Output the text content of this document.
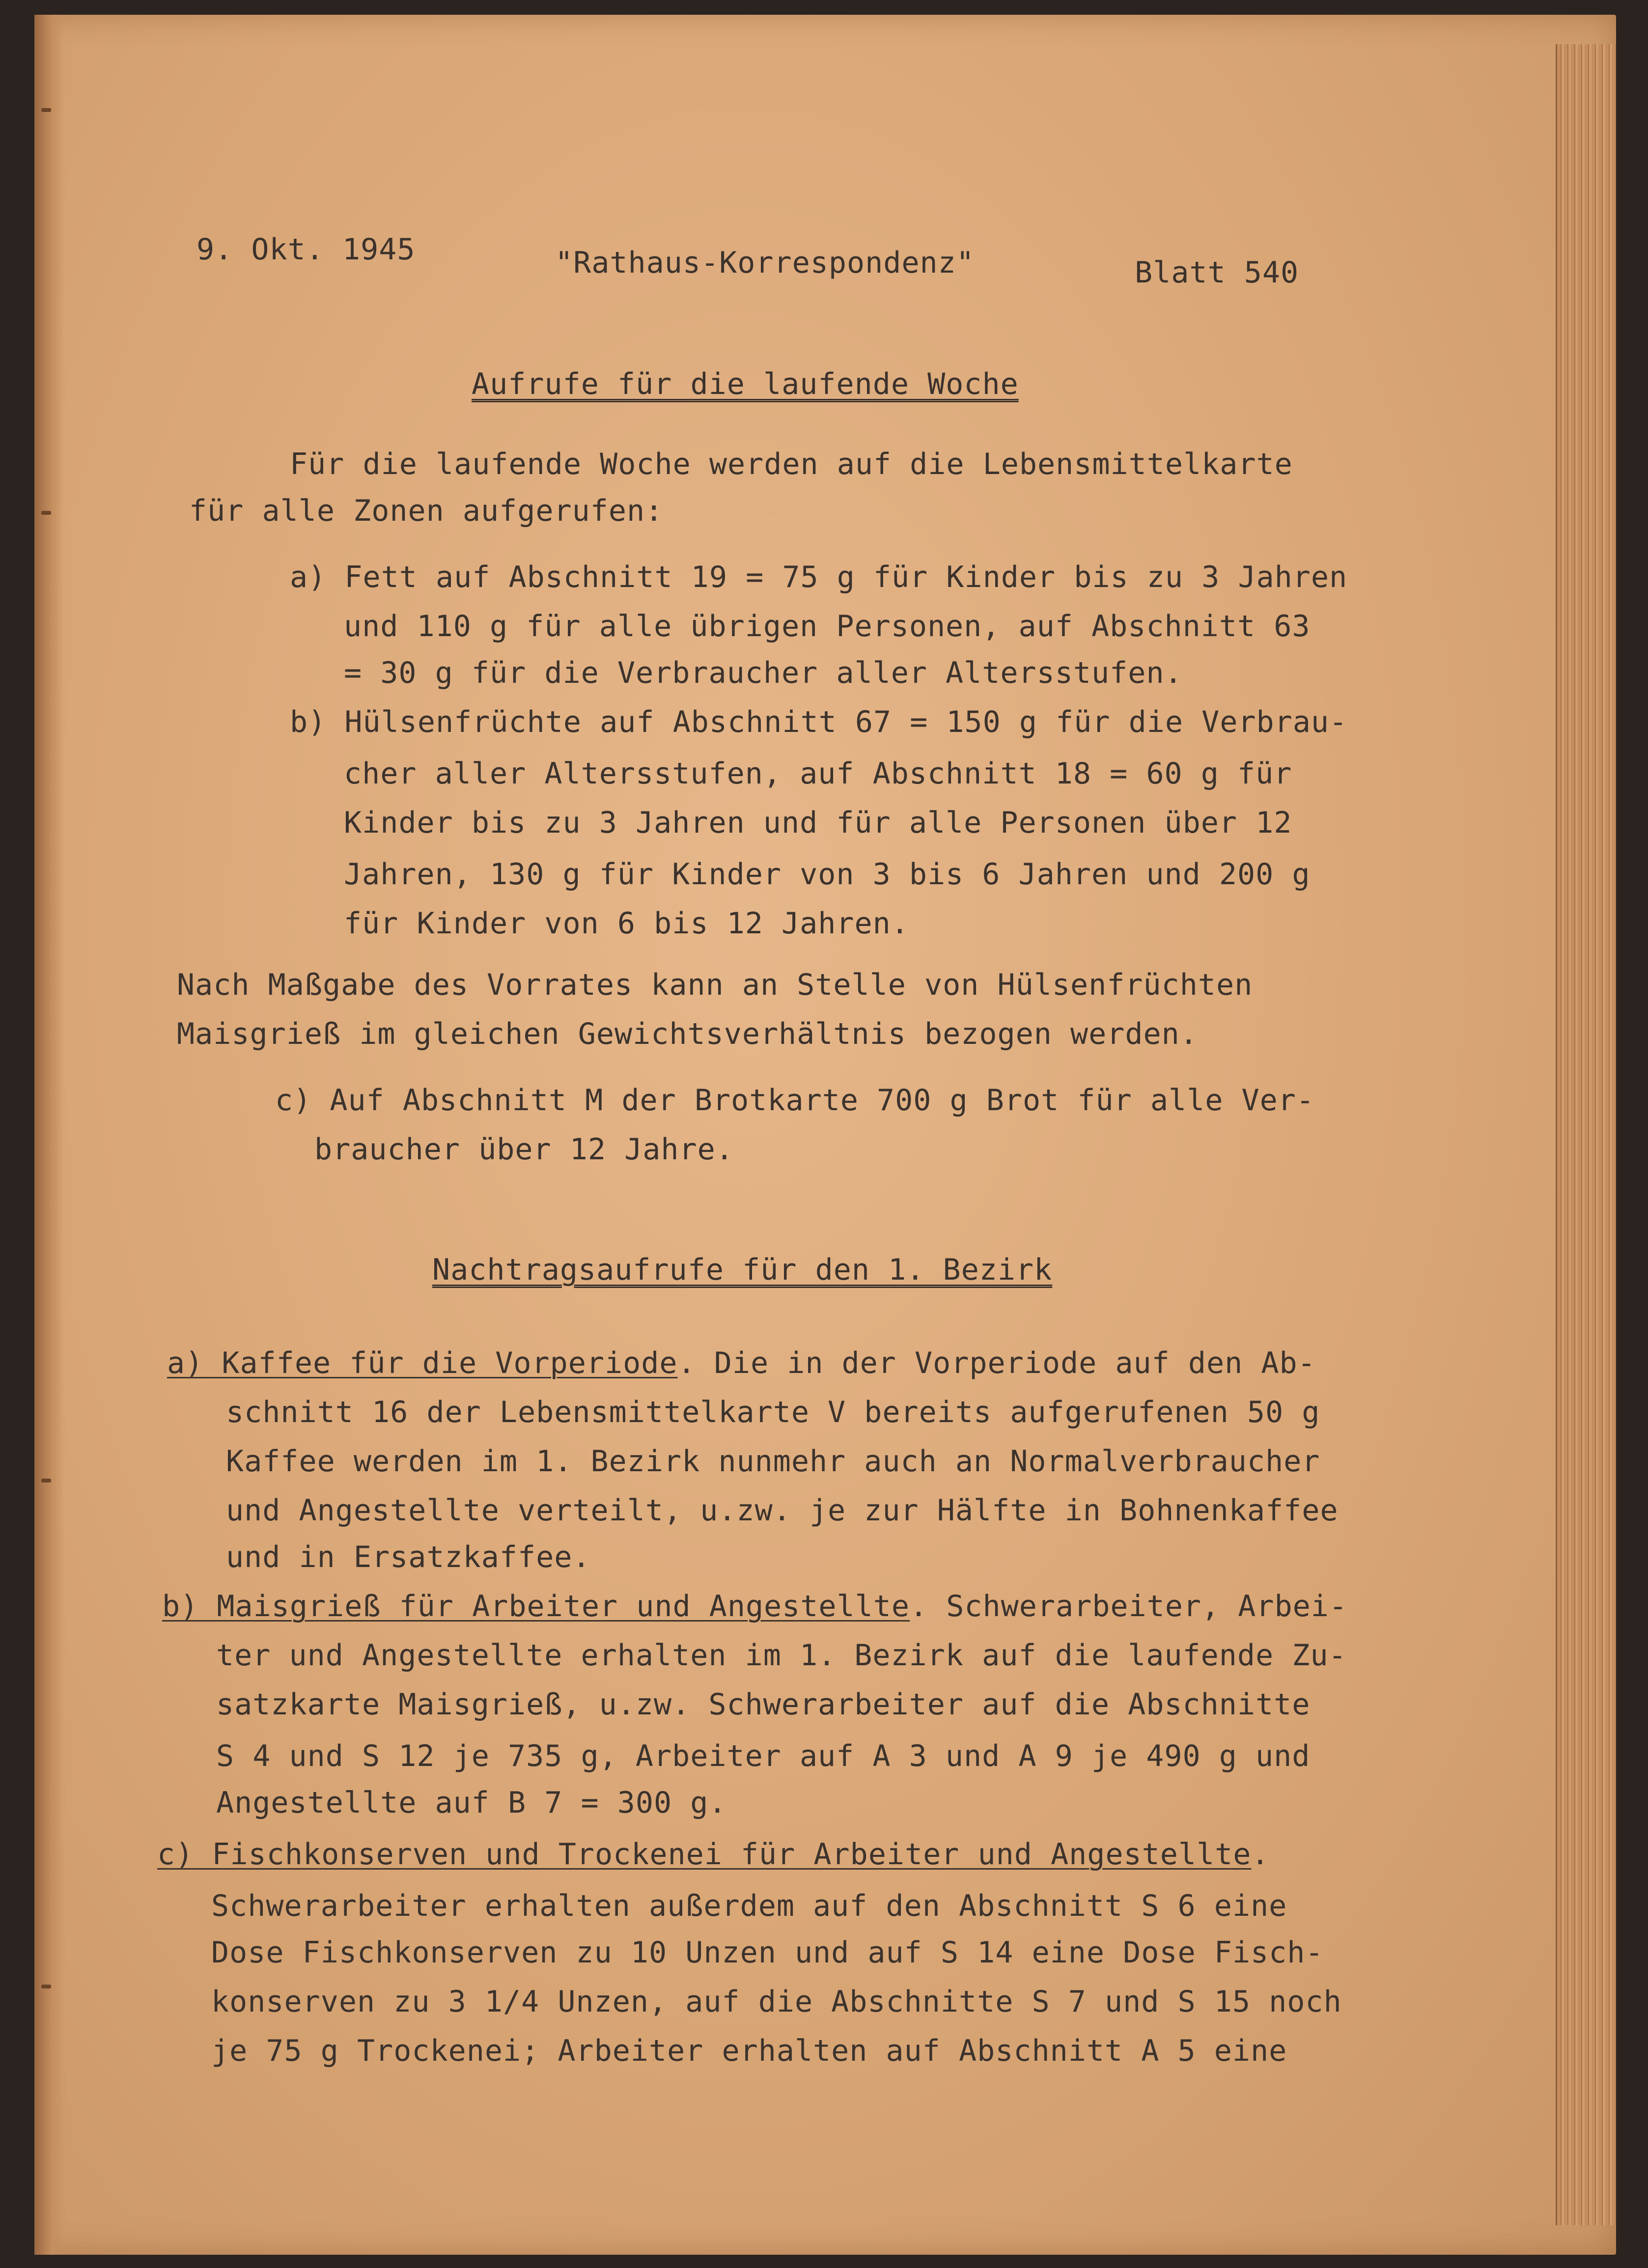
9. Okt. 1945	"Rathaus-Korrespondenz"	Blatt 540
Aufrufe für die laufende Woche
Für die laufende Woche werden auf die Lebensmittelkarte
für alle Zonen aufgerufen:
a) Fett auf Abschnitt 19 = 75 g für Kinder bis zu 3 Jahren
und 110 g für alle übrigen Personen, auf Abschnitt 63
= 30 g für die Verbraucher aller Altersstufen.
b) Hülsenfrüchte auf Abschnitt 67 = 150 g für die Verbrau-
cher aller Altersstufen, auf Abschnitt 18 = 60 g für
Kinder bis zu 3 Jahren und für alle Personen über 12
Jahren, 130 g für Kinder von 3 bis 6 Jahren und 200 g
für Kinder von 6 bis 12 Jahren.
Nach Maßgabe des Vorrates kann an Stelle von Hülsenfrüchten
Maisgrieß im gleichen Gewichtsverhältnis bezogen werden.
c) Auf Abschnitt M der Brotkarte 700 g Brot für alle Ver-
braucher über 12 Jahre.
Nachtragsaufrufe für den 1. Bezirk
a) Kaffee für die Vorperiode. Die in der Vorperiode auf den Ab-
schnitt 16 der Lebensmittelkarte V bereits aufgerufenen 50 g
Kaffee werden im 1. Bezirk nunmehr auch an Normalverbraucher
und Angestellte verteilt, u.zw. je zur Hälfte in Bohnenkaffee
und in Ersatzkaffee.
b) Maisgrieß für Arbeiter und Angestellte. Schwerarbeiter, Arbei-
ter und Angestellte erhalten im 1. Bezirk auf die laufende Zu-
satzkarte Maisgrieß, u.zw. Schwerarbeiter auf die Abschnitte
S 4 und S 12 je 735 g, Arbeiter auf A 3 und A 9 je 490 g und
Angestellte auf B 7 = 300 g.
c) Fischkonserven und Trockenei für Arbeiter und Angestellte.
Schwerarbeiter erhalten außerdem auf den Abschnitt S 6 eine
Dose Fischkonserven zu 10 Unzen und auf S 14 eine Dose Fisch-
konserven zu 3 1/4 Unzen, auf die Abschnitte S 7 und S 15 noch
je 75 g Trockenei; Arbeiter erhalten auf Abschnitt A 5 eine
